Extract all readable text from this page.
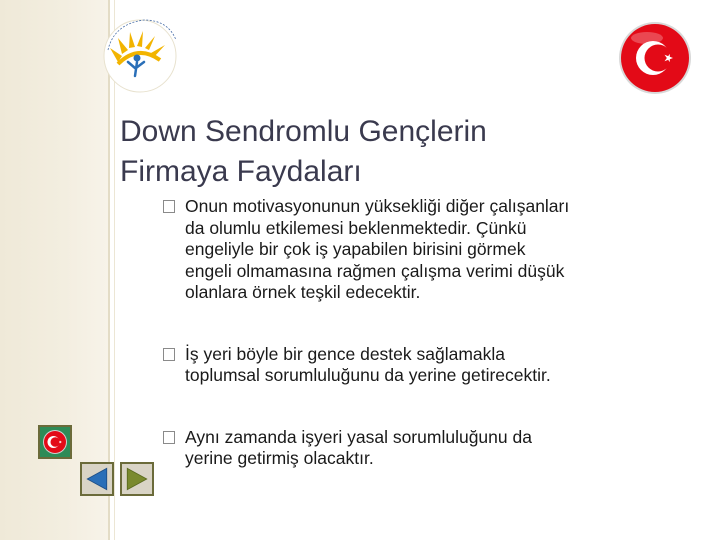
Down Sendromlu Gençlerin
Firmaya Faydaları
Onun motivasyonunun yüksekliği diğer çalışanları
da olumlu etkilemesi beklenmektedir. Çünkü
engeliyle bir çok iş yapabilen birisini görmek
engeli olmamasına rağmen çalışma verimi düşük
olanlara örnek teşkil edecektir.
İş yeri böyle bir gence destek sağlamakla
toplumsal sorumluluğunu da yerine getirecektir.
Aynı zamanda işyeri yasal sorumluluğunu da
yerine getirmiş olacaktır.
